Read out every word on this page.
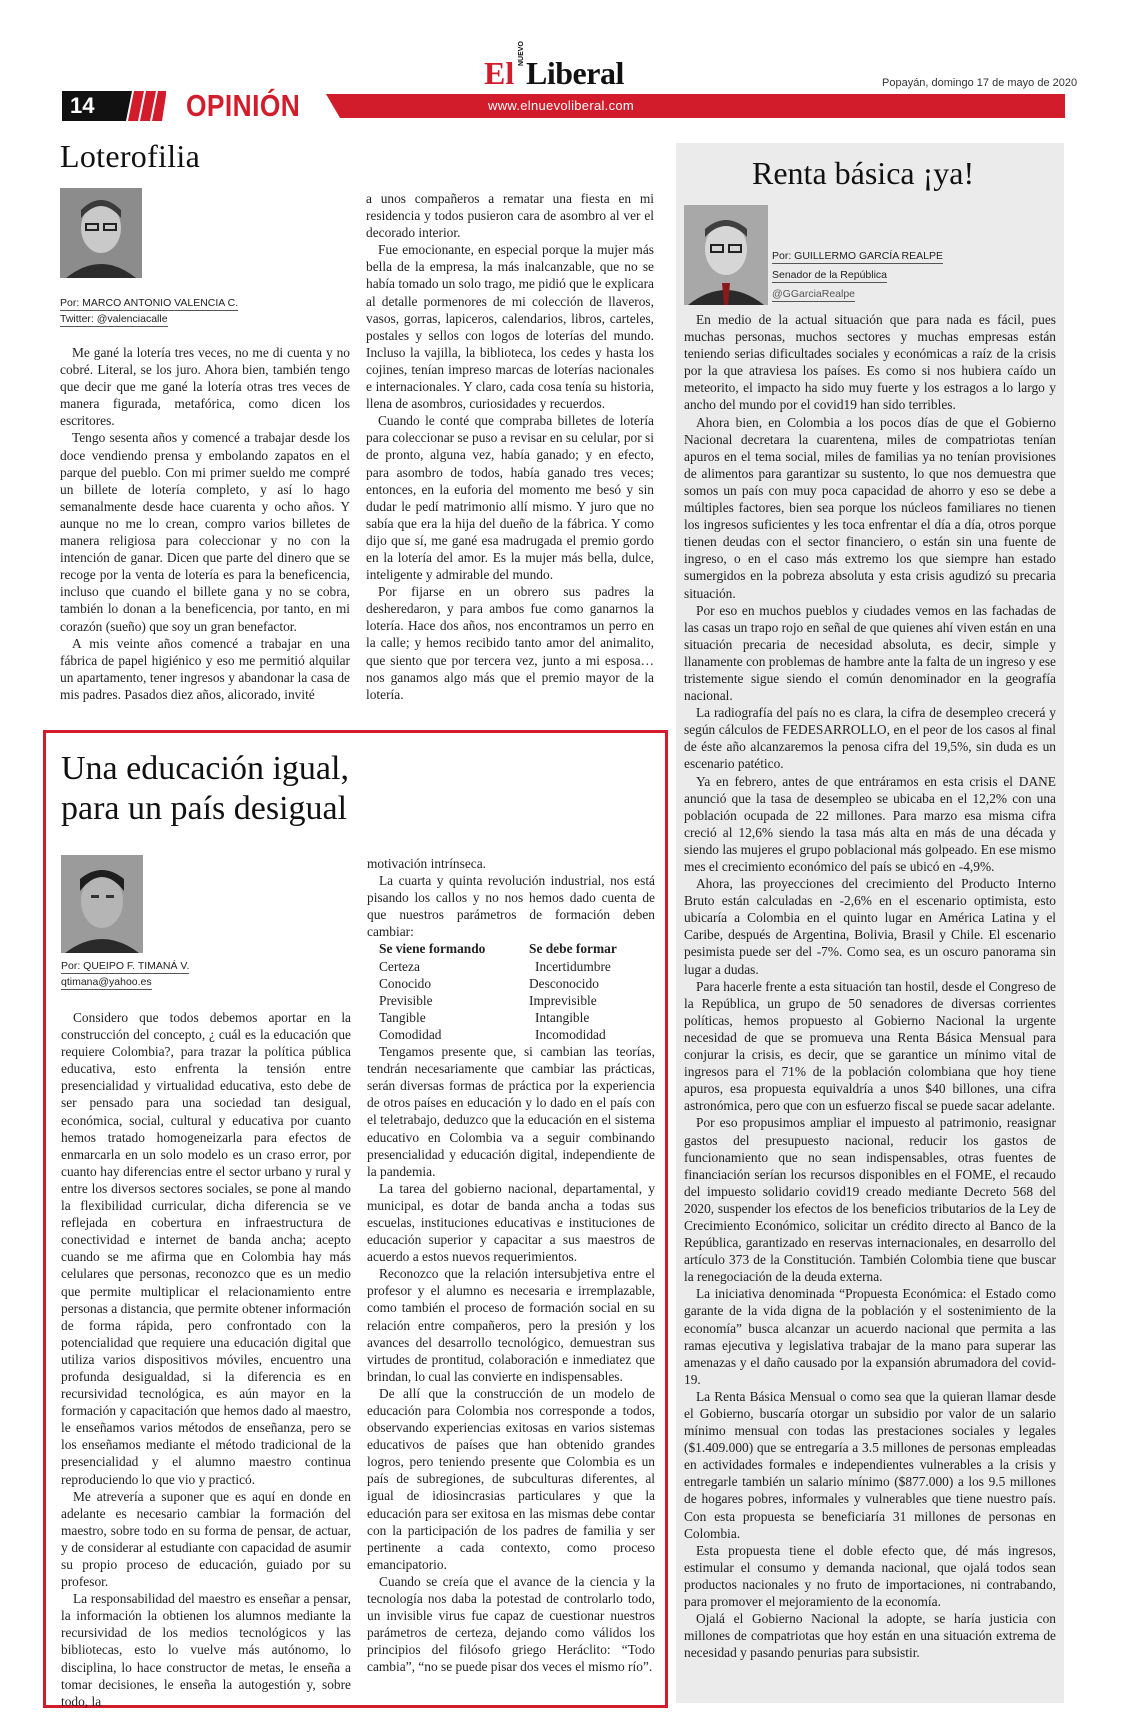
14	OPINIÓN	www.elnuevoliberal.com
El
NUEVO
Liberal	Popayán, domingo 17 de mayo de 2020
Loterofilia
Por: MARCO ANTONIO VALENCIA C.
Twitter: @valenciacalle

Me gané la lotería tres veces, no me di cuenta y no cobré. Literal, se los juro. Ahora bien, también tengo que decir que me gané la lotería otras tres veces de manera figurada, metafórica, como dicen los escritores.

Tengo sesenta años y comencé a trabajar desde los doce vendiendo prensa y embolando zapatos en el parque del pueblo. Con mi primer sueldo me compré un billete de lotería completo, y así lo hago semanalmente desde hace cuarenta y ocho años. Y aunque no me lo crean, compro varios billetes de manera religiosa para coleccionar y no con la intención de ganar. Dicen que parte del dinero que se recoge por la venta de lotería es para la beneficencia, incluso que cuando el billete gana y no se cobra, también lo donan a la beneficencia, por tanto, en mi corazón (sueño) que soy un gran benefactor.

A mis veinte años comencé a trabajar en una fábrica de papel higiénico y eso me permitió alquilar un apartamento, tener ingresos y abandonar la casa de mis padres. Pasados diez años, alicorado, invité

a unos compañeros a rematar una fiesta en mi residencia y todos pusieron cara de asombro al ver el decorado interior.

Fue emocionante, en especial porque la mujer más bella de la empresa, la más inalcanzable, que no se había tomado un solo trago, me pidió que le explicara al detalle pormenores de mi colección de llaveros, vasos, gorras, lapiceros, calendarios, libros, carteles, postales y sellos con logos de loterías del mundo. Incluso la vajilla, la biblioteca, los cedes y hasta los cojines, tenían impreso marcas de loterías nacionales e internacionales. Y claro, cada cosa tenía su historia, llena de asombros, curiosidades y recuerdos.

Cuando le conté que compraba billetes de lotería para coleccionar se puso a revisar en su celular, por si de pronto, alguna vez, había ganado; y en efecto, para asombro de todos, había ganado tres veces; entonces, en la euforia del momento me besó y sin dudar le pedí matrimonio allí mismo. Y juro que no sabía que era la hija del dueño de la fábrica. Y como dijo que sí, me gané esa madrugada el premio gordo en la lotería del amor. Es la mujer más bella, dulce, inteligente y admirable del mundo.

Por fijarse en un obrero sus padres la desheredaron, y para ambos fue como ganarnos la lotería. Hace dos años, nos encontramos un perro en la calle; y hemos recibido tanto amor del animalito, que siento que por tercera vez, junto a mi esposa… nos ganamos algo más que el premio mayor de la lotería.

Una educación igual,
para un país desigual
Por: QUEIPO F. TIMANÁ V.
qtimana@yahoo.es

Considero que todos debemos aportar en la construcción del concepto, ¿ cuál es la educación que requiere Colombia?, para trazar la política pública educativa, esto enfrenta la tensión entre presencialidad y virtualidad educativa, esto debe de ser pensado para una sociedad tan desigual, económica, social, cultural y educativa por cuanto hemos tratado homogeneizarla para efectos de enmarcarla en un solo modelo es un craso error, por cuanto hay diferencias entre el sector urbano y rural y entre los diversos sectores sociales, se pone al mando la flexibilidad curricular, dicha diferencia se ve reflejada en cobertura en infraestructura de conectividad e internet de banda ancha; acepto cuando se me afirma que en Colombia hay más celulares que personas, reconozco que es un medio que permite multiplicar el relacionamiento entre personas a distancia, que permite obtener información de forma rápida, pero confrontado con la potencialidad que requiere una educación digital que utiliza varios dispositivos móviles, encuentro una profunda desigualdad, si la diferencia es en recursividad tecnológica, es aún mayor en la formación y capacitación que hemos dado al maestro, le enseñamos varios métodos de enseñanza, pero se los enseñamos mediante el método tradicional de la presencialidad y el alumno maestro continua reproduciendo lo que vio y practicó.

Me atrevería a suponer que es aquí en donde en adelante es necesario cambiar la formación del maestro, sobre todo en su forma de pensar, de actuar, y de considerar al estudiante con capacidad de asumir su propio proceso de educación, guiado por su profesor.

La responsabilidad del maestro es enseñar a pensar, la información la obtienen los alumnos mediante la recursividad de los medios tecnológicos y las bibliotecas, esto lo vuelve más autónomo, lo disciplina, lo hace constructor de metas, le enseña a tomar decisiones, le enseña la autogestión y, sobre todo, la

motivación intrínseca.

La cuarta y quinta revolución industrial, nos está pisando los callos y no nos hemos dado cuenta de que nuestros parámetros de formación deben cambiar:

Se viene formando	Se debe formar
Certeza	Incertidumbre
Conocido	Desconocido
Previsible	Imprevisible
Tangible	Intangible
Comodidad	Incomodidad

Tengamos presente que, si cambian las teorías, tendrán necesariamente que cambiar las prácticas, serán diversas formas de práctica por la experiencia de otros países en educación y lo dado en el país con el teletrabajo, deduzco que la educación en el sistema educativo en Colombia va a seguir combinando presencialidad y educación digital, independiente de la pandemia.

La tarea del gobierno nacional, departamental, y municipal, es dotar de banda ancha a todas sus escuelas, instituciones educativas e instituciones de educación superior y capacitar a sus maestros de acuerdo a estos nuevos requerimientos.

Reconozco que la relación intersubjetiva entre el profesor y el alumno es necesaria e irremplazable, como también el proceso de formación social en su relación entre compañeros, pero la presión y los avances del desarrollo tecnológico, demuestran sus virtudes de prontitud, colaboración e inmediatez que brindan, lo cual las convierte en indispensables.

De allí que la construcción de un modelo de educación para Colombia nos corresponde a todos, observando experiencias exitosas en varios sistemas educativos de países que han obtenido grandes logros, pero teniendo presente que Colombia es un país de subregiones, de subculturas diferentes, al igual de idiosincrasias particulares y que la educación para ser exitosa en las mismas debe contar con la participación de los padres de familia y ser pertinente a cada contexto, como proceso emancipatorio.

Cuando se creía que el avance de la ciencia y la tecnología nos daba la potestad de controlarlo todo, un invisible virus fue capaz de cuestionar nuestros parámetros de certeza, dejando como válidos los principios del filósofo griego Heráclito: “Todo cambia”, “no se puede pisar dos veces el mismo río”.

Renta básica ¡ya!
Por: GUILLERMO GARCÍA REALPE
Senador de la República
@GGarciaRealpe

En medio de la actual situación que para nada es fácil, pues muchas personas, muchos sectores y muchas empresas están teniendo serias dificultades sociales y económicas a raíz de la crisis por la que atraviesa los países. Es como si nos hubiera caído un meteorito, el impacto ha sido muy fuerte y los estragos a lo largo y ancho del mundo por el covid19 han sido terribles.

Ahora bien, en Colombia a los pocos días de que el Gobierno Nacional decretara la cuarentena, miles de compatriotas tenían apuros en el tema social, miles de familias ya no tenían provisiones de alimentos para garantizar su sustento, lo que nos demuestra que somos un país con muy poca capacidad de ahorro y eso se debe a múltiples factores, bien sea porque los núcleos familiares no tienen los ingresos suficientes y les toca enfrentar el día a día, otros porque tienen deudas con el sector financiero, o están sin una fuente de ingreso, o en el caso más extremo los que siempre han estado sumergidos en la pobreza absoluta y esta crisis agudizó su precaria situación.

Por eso en muchos pueblos y ciudades vemos en las fachadas de las casas un trapo rojo en señal de que quienes ahí viven están en una situación precaria de necesidad absoluta, es decir, simple y llanamente con problemas de hambre ante la falta de un ingreso y ese tristemente sigue siendo el común denominador en la geografía nacional.

La radiografía del país no es clara, la cifra de desempleo crecerá y según cálculos de FEDESARROLLO, en el peor de los casos al final de éste año alcanzaremos la penosa cifra del 19,5%, sin duda es un escenario patético.

Ya en febrero, antes de que entráramos en esta crisis el DANE anunció que la tasa de desempleo se ubicaba en el 12,2% con una población ocupada de 22 millones. Para marzo esa misma cifra creció al 12,6% siendo la tasa más alta en más de una década y siendo las mujeres el grupo poblacional más golpeado. En ese mismo mes el crecimiento económico del país se ubicó en -4,9%.

Ahora, las proyecciones del crecimiento del Producto Interno Bruto están calculadas en -2,6% en el escenario optimista, esto ubicaría a Colombia en el quinto lugar en América Latina y el Caribe, después de Argentina, Bolivia, Brasil y Chile. El escenario pesimista puede ser del -7%. Como sea, es un oscuro panorama sin lugar a dudas.

Para hacerle frente a esta situación tan hostil, desde el Congreso de la República, un grupo de 50 senadores de diversas corrientes políticas, hemos propuesto al Gobierno Nacional la urgente necesidad de que se promueva una Renta Básica Mensual para conjurar la crisis, es decir, que se garantice un mínimo vital de ingresos para el 71% de la población colombiana que hoy tiene apuros, esa propuesta equivaldría a unos $40 billones, una cifra astronómica, pero que con un esfuerzo fiscal se puede sacar adelante.

Por eso propusimos ampliar el impuesto al patrimonio, reasignar gastos del presupuesto nacional, reducir los gastos de funcionamiento que no sean indispensables, otras fuentes de financiación serían los recursos disponibles en el FOME, el recaudo del impuesto solidario covid19 creado mediante Decreto 568 del 2020, suspender los efectos de los beneficios tributarios de la Ley de Crecimiento Económico, solicitar un crédito directo al Banco de la República, garantizado en reservas internacionales, en desarrollo del artículo 373 de la Constitución. También Colombia tiene que buscar la renegociación de la deuda externa.

La iniciativa denominada “Propuesta Económica: el Estado como garante de la vida digna de la población y el sostenimiento de la economía” busca alcanzar un acuerdo nacional que permita a las ramas ejecutiva y legislativa trabajar de la mano para superar las amenazas y el daño causado por la expansión abrumadora del covid-19.

La Renta Básica Mensual o como sea que la quieran llamar desde el Gobierno, buscaría otorgar un subsidio por valor de un salario mínimo mensual con todas las prestaciones sociales y legales ($1.409.000) que se entregaría a 3.5 millones de personas empleadas en actividades formales e independientes vulnerables a la crisis y entregarle también un salario mínimo ($877.000) a los 9.5 millones de hogares pobres, informales y vulnerables que tiene nuestro país. Con esta propuesta se beneficiaría 31 millones de personas en Colombia.

Esta propuesta tiene el doble efecto que, dé más ingresos, estimular el consumo y demanda nacional, que ojalá todos sean productos nacionales y no fruto de importaciones, ni contrabando, para promover el mejoramiento de la economía.

Ojalá el Gobierno Nacional la adopte, se haría justicia con millones de compatriotas que hoy están en una situación extrema de necesidad y pasando penurias para subsistir.
